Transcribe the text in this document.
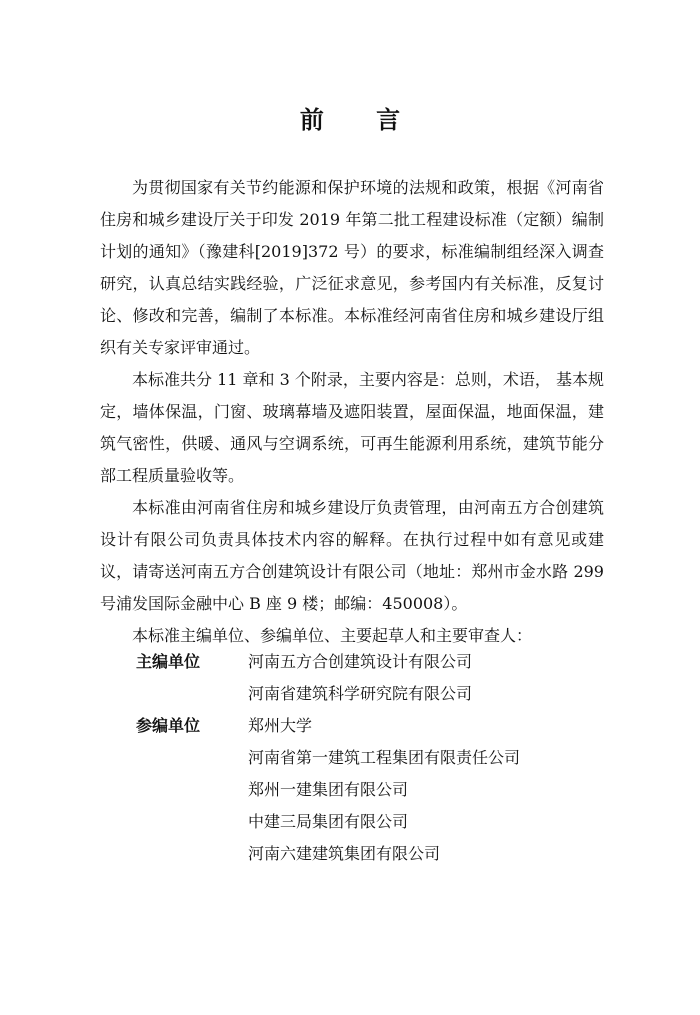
前 言

为贯彻国家有关节约能源和保护环境的法规和政策，根据《河南省住房和城乡建设厅关于印发 2019 年第二批工程建设标准（定额）编制计划的通知》（豫建科[2019]372 号）的要求，标准编制组经深入调查研究，认真总结实践经验，广泛征求意见，参考国内有关标准，反复讨论、修改和完善，编制了本标准。本标准经河南省住房和城乡建设厅组织有关专家评审通过。

本标准共分 11 章和 3 个附录，主要内容是：总则，术语， 基本规定，墙体保温，门窗、玻璃幕墙及遮阳装置，屋面保温，地面保温，建筑气密性，供暖、通风与空调系统，可再生能源利用系统，建筑节能分部工程质量验收等。

本标准由河南省住房和城乡建设厅负责管理，由河南五方合创建筑设计有限公司负责具体技术内容的解释。在执行过程中如有意见或建议，请寄送河南五方合创建筑设计有限公司（地址：郑州市金水路 299 号浦发国际金融中心 B 座 9 楼；邮编：450008）。

本标准主编单位、参编单位、主要起草人和主要审查人：

主编单位	河南五方合创建筑设计有限公司
河南省建筑科学研究院有限公司
参编单位	郑州大学
河南省第一建筑工程集团有限责任公司
郑州一建集团有限公司
中建三局集团有限公司
河南六建建筑集团有限公司
